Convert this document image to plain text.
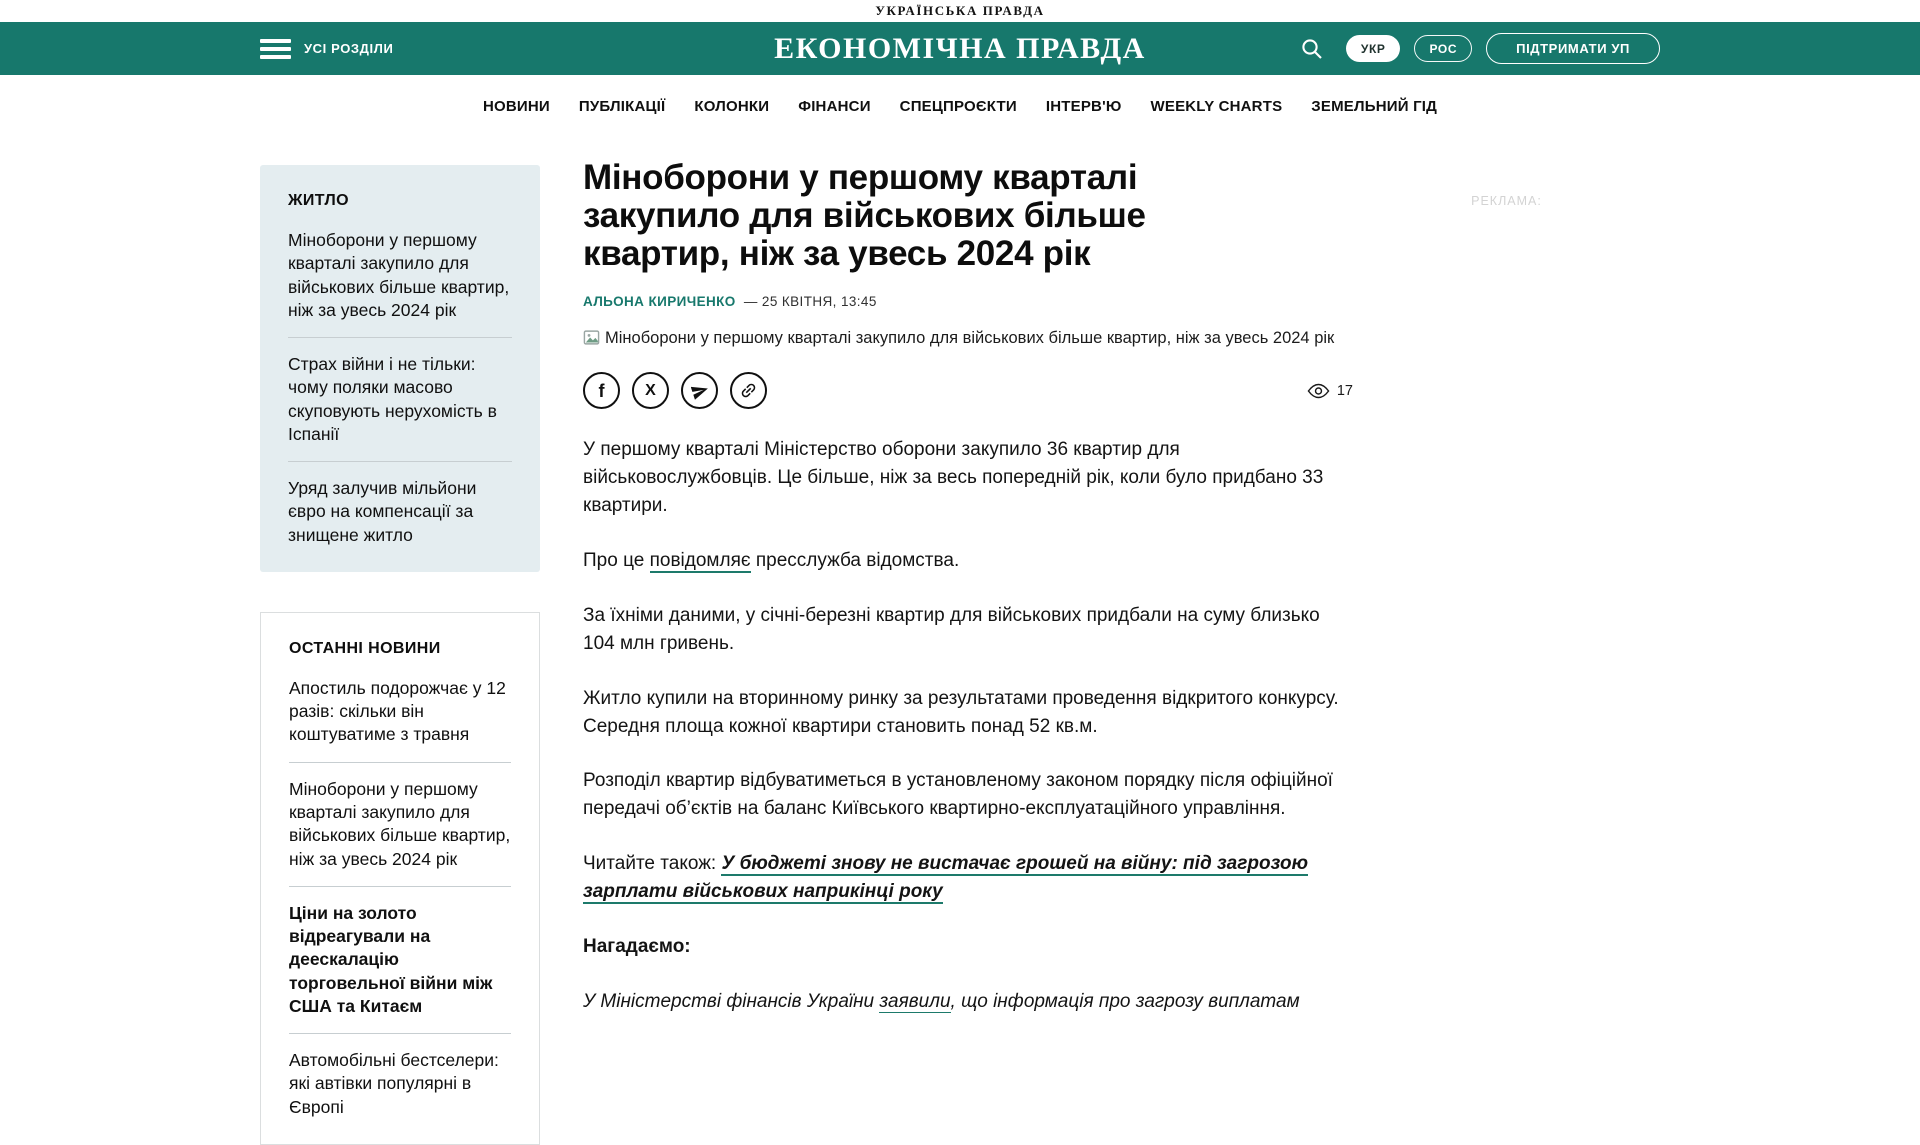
УКРАЇНСЬКА ПРАВДА
УСІ РОЗДІЛИ	ЕКОНОМІЧНА ПРАВДА	УКР	РОС	ПІДТРИМАТИ УП
НОВИНИ ПУБЛІКАЦІЇ КОЛОНКИ ФІНАНСИ СПЕЦПРОЄКТИ ІНТЕРВ'Ю WEEKLY CHARTS ЗЕМЕЛЬНИЙ ГІД
ЖИТЛО
Міноборони у першому кварталі закупило для військових більше квартир, ніж за увесь 2024 рік
Страх війни і не тільки: чому поляки масово скуповують нерухомість в Іспанії
Уряд залучив мільйони євро на компенсації за знищене житло
ОСТАННІ НОВИНИ
Апостиль подорожчає у 12 разів: скільки він коштуватиме з травня
Міноборони у першому кварталі закупило для військових більше квартир, ніж за увесь 2024 рік
Ціни на золото відреагували на деескалацію торговельної війни між США та Китаєм
Автомобільні бестселери: які автівки популярні в Європі
Міноборони у першому кварталі закупило для військових більше квартир, ніж за увесь 2024 рік
АЛЬОНА КИРИЧЕНКО — 25 КВІТНЯ, 13:45
Міноборони у першому кварталі закупило для військових більше квартир, ніж за увесь 2024 рік
f	X	17

У першому кварталі Міністерство оборони закупило 36 квартир для військовослужбовців. Це більше, ніж за весь попередній рік, коли було придбано 33 квартири.

Про це повідомляє пресслужба відомства.

За їхніми даними, у січні-березні квартир для військових придбали на суму близько 104 млн гривень.

Житло купили на вторинному ринку за результатами проведення відкритого конкурсу. Середня площа кожної квартири становить понад 52 кв.м.

Розподіл квартир відбуватиметься в установленому законом порядку після офіційної передачі об’єктів на баланс Київського квартирно-експлуатаційного управління.

Читайте також: У бюджеті знову не вистачає грошей на війну: під загрозою зарплати військових наприкінці року

Нагадаємо:

У Міністерстві фінансів України заявили, що інформація про загрозу виплатам

РЕКЛАМА:
